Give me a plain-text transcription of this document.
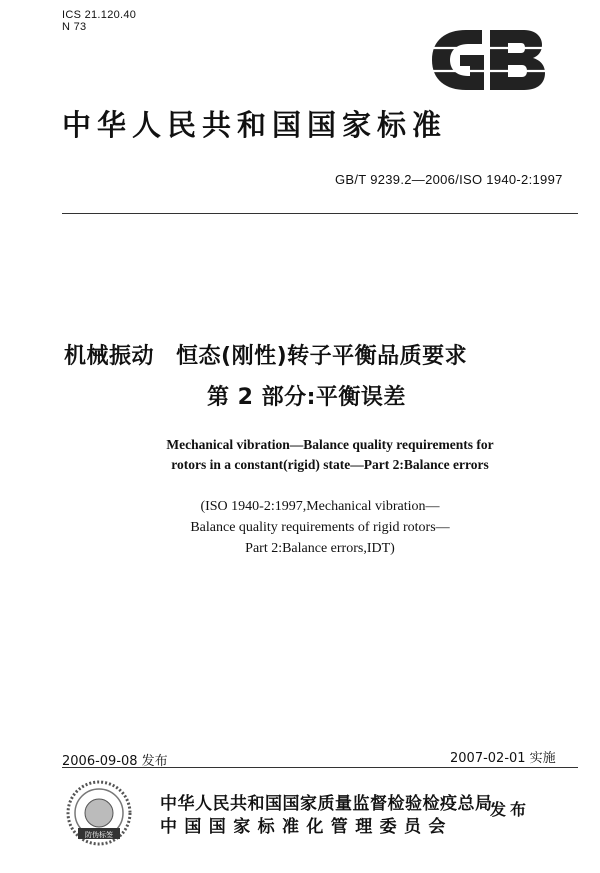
ICS 21.120.40
N 73
GB
中华人民共和国国家标准
GB/T 9239.2—2006/ISO 1940-2:1997
机械振动 恒态(刚性)转子平衡品质要求
第 2 部分:平衡误差
Mechanical vibration—Balance quality requirements for
rotors in a constant(rigid) state—Part 2:Balance errors
(ISO 1940-2:1997,Mechanical vibration—
Balance quality requirements of rigid rotors—
Part 2:Balance errors,IDT)
2006-09-08 发布	2007-02-01 实施
防伪标签
中华人民共和国国家质量监督检验检疫总局
中国国家标准化管理委员会
发布
